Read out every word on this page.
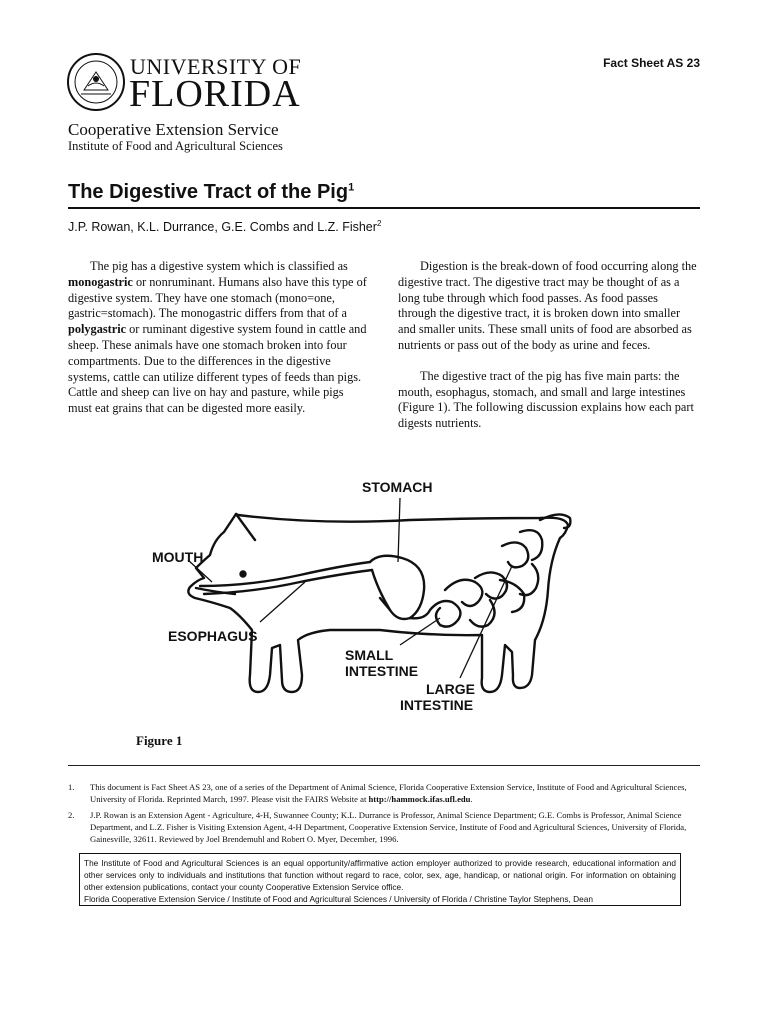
UNIVERSITY OF
FLORIDA
Cooperative Extension Service
Institute of Food and Agricultural Sciences
Fact Sheet AS 23
The Digestive Tract of the Pig$^1$
J.P. Rowan, K.L. Durrance, G.E. Combs and L.Z. Fisher$^2$

The pig has a digestive system which is classified as monogastric or nonruminant. Humans also have this type of digestive system. They have one stomach (mono=one, gastric=stomach). The monogastric differs from that of a polygastric or ruminant digestive system found in cattle and sheep. These animals have one stomach broken into four compartments. Due to the differences in the digestive systems, cattle can utilize different types of feeds than pigs. Cattle and sheep can live on hay and pasture, while pigs must eat grains that can be digested more easily.

Digestion is the break-down of food occurring along the digestive tract. The digestive tract may be thought of as a long tube through which food passes. As food passes through the digestive tract, it is broken down into smaller and smaller units. These small units of food are absorbed as nutrients or pass out of the body as urine and feces.

The digestive tract of the pig has five main parts: the mouth, esophagus, stomach, and small and large intestines (Figure 1). The following discussion explains how each part digests nutrients.

STOMACH
MOUTH
ESOPHAGUS
SMALL
INTESTINE
LARGE
INTESTINE
Figure 1
1. This document is Fact Sheet AS 23, one of a series of the Department of Animal Science, Florida Cooperative Extension Service, Institute of Food and Agricultural Sciences, University of Florida. Reprinted March, 1997. Please visit the FAIRS Website at http://hammock.ifas.ufl.edu.
2. J.P. Rowan is an Extension Agent - Agriculture, 4-H, Suwannee County; K.L. Durrance is Professor, Animal Science Department; G.E. Combs is Professor, Animal Science Department, and L.Z. Fisher is Visiting Extension Agent, 4-H Department, Cooperative Extension Service, Institute of Food and Agricultural Sciences, University of Florida, Gainesville, 32611. Reviewed by Joel Brendemuhl and Robert O. Myer, December, 1996.
The Institute of Food and Agricultural Sciences is an equal opportunity/affirmative action employer authorized to provide research, educational information and other services only to individuals and institutions that function without regard to race, color, sex, age, handicap, or national origin. For information on obtaining other extension publications, contact your county Cooperative Extension Service office.
Florida Cooperative Extension Service / Institute of Food and Agricultural Sciences / University of Florida / Christine Taylor Stephens, Dean
